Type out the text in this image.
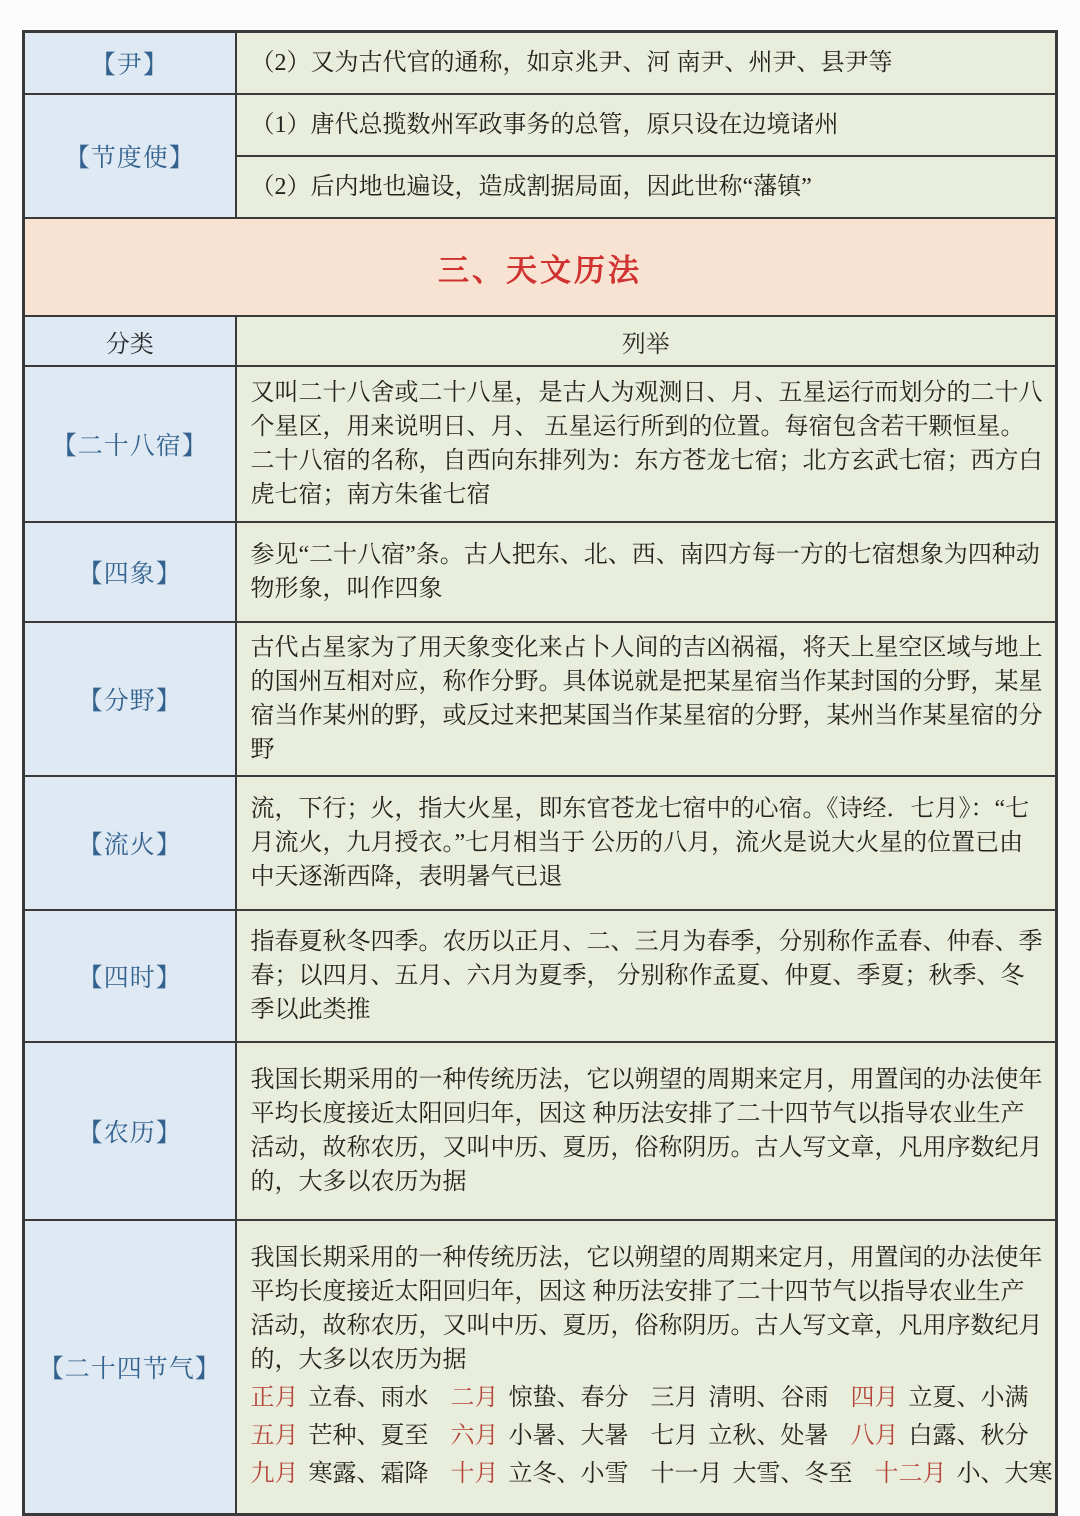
【尹】	（2）又为古代官的通称，如京兆尹、河 南尹、州尹、县尹等
【节度使】	（1）唐代总揽数州军政事务的总管，原只设在边境诸州
	（2）后内地也遍设，造成割据局面，因此世称“藩镇”
三、天文历法	
分类	列举
【二十八宿】	又叫二十八舍或二十八星，是古人为观测日、月、五星运行而划分的二十八个星区，用来说明日、月、 五星运行所到的位置。每宿包含若干颗恒星。二十八宿的名称，自西向东排列为：东方苍龙七宿；北方玄武七宿；西方白虎七宿；南方朱雀七宿
【四象】	参见“二十八宿”条。古人把东、北、西、南四方每一方的七宿想象为四种动物形象，叫作四象
【分野】	古代占星家为了用天象变化来占卜人间的吉凶祸福，将天上星空区域与地上的国州互相对应，称作分野。具体说就是把某星宿当作某封国的分野，某星宿当作某州的野，或反过来把某国当作某星宿的分野，某州当作某星宿的分野
【流火】	流，下行；火，指大火星，即东官苍龙七宿中的心宿。《诗经．七月》：“七月流火，九月授衣。”七月相当于 公历的八月，流火是说大火星的位置已由中天逐渐西降，表明暑气已退
【四时】	指春夏秋冬四季。农历以正月、二、三月为春季，分别称作孟春、仲春、季春；以四月、五月、六月为夏季， 分别称作孟夏、仲夏、季夏；秋季、冬季以此类推
【农历】	我国长期采用的一种传统历法，它以朔望的周期来定月，用置闰的办法使年平均长度接近太阳回归年，因这 种历法安排了二十四节气以指导农业生产活动，故称农历，又叫中历、夏历，俗称阴历。古人写文章，凡用序数纪月的，大多以农历为据
【二十四节气】	我国长期采用的一种传统历法，它以朔望的周期来定月，用置闰的办法使年平均长度接近太阳回归年，因这 种历法安排了二十四节气以指导农业生产活动，故称农历，又叫中历、夏历，俗称阴历。古人写文章，凡用序数纪月的，大多以农历为据
正月 立春、雨水 二月 惊蛰、春分 三月 清明、谷雨 四月 立夏、小满
五月 芒种、夏至 六月 小暑、大暑 七月 立秋、处暑 八月 白露、秋分
九月 寒露、霜降 十月 立冬、小雪 十一月 大雪、冬至 十二月 小、大寒
